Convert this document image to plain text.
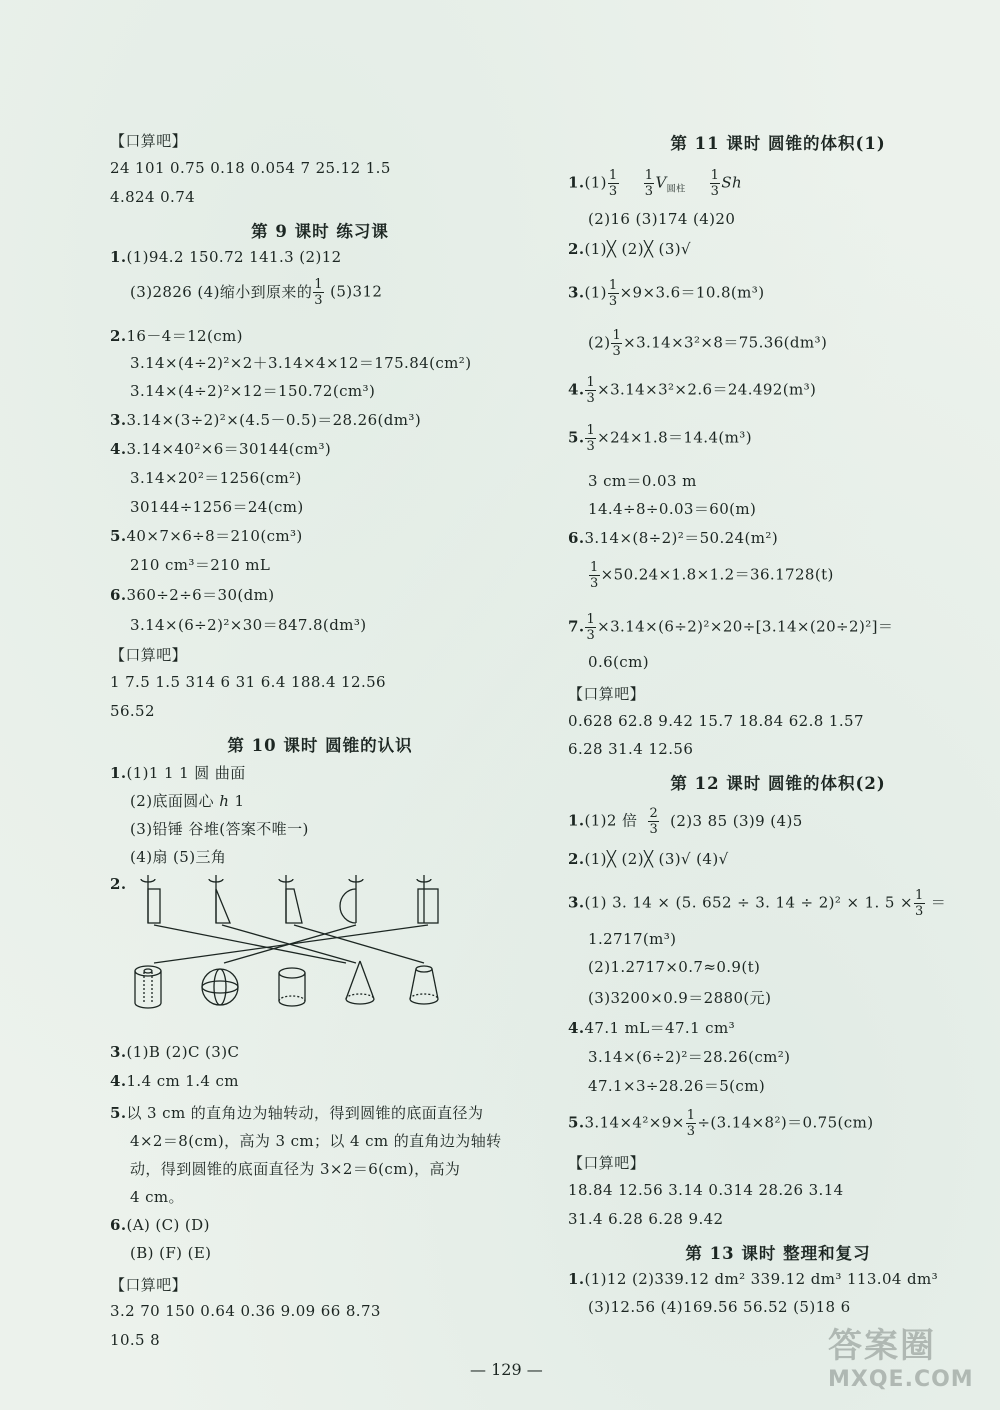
【口算吧】
24 101 0.75 0.18 0.054 7 25.12 1.5
4.824 0.74
第 9 课时 练习课
1.(1)94.2 150.72 141.3 (2)12
(3)2826 (4)缩小到原来的 $\frac{1}{3} (5)312$
2.16－4＝12(cm)
3.14×(4÷2)²×2＋3.14×4×12＝175.84(cm²)
3.14×(4÷2)²×12＝150.72(cm³)
3.3.14×(3÷2)²×(4.5－0.5)＝28.26(dm³)
4.3.14×40²×6＝30144(cm³)
3.14×20²＝1256(cm²)
30144÷1256＝24(cm)
5.40×7×6÷8＝210(cm³)
210 cm³＝210 mL
6.360÷2÷6＝30(dm)
3.14×(6÷2)²×30＝847.8(dm³)
【口算吧】
1 7.5 1.5 314 6 31 6.4 188.4 12.56
56.52
第 10 课时 圆锥的认识
1.(1)1 1 1 圆 曲面
(2)底面圆心 h 1
(3)铅锤 谷堆(答案不唯一)
(4)扇 (5)三角
2.
3.(1)B (2)C (3)C
4.1.4 cm 1.4 cm
5.以 3 cm 的直角边为轴转动，得到圆锥的底面直径为
4×2＝8(cm)，高为 3 cm；以 4 cm 的直角边为轴转
动，得到圆锥的底面直径为 3×2＝6(cm)，高为
4 cm。
6.(A) (C) (D)
(B) (F) (E)
【口算吧】
3.2 70 150 0.64 0.36 9.09 66 8.73
10.5 8
第 11 课时 圆锥的体积(1)
$1.(1) \frac{1}{3}$
$\frac{1}{3} V_{圆柱} \frac{1}{3}$ Sh
(2)16 (3)174 (4)20
2.(1)╳ (2)╳ (3)√
$3.(1) \frac{1}{3} \times 9\times 3.6=10.8(m^3)$
$(2) \frac{1}{3} \times 3.14\times 3^2\times 8=75.36(dm^3)$
4. $\frac{1}{3} \times 3.14\times 3^2\times 2.6=24.492(m^3)$
5. $\frac{1}{3} \times 24\times 1.8=14.4(m^3)$
3 cm＝0.03 m
14.4÷8÷0.03＝60(m)
6.3.14×(8÷2)²＝50.24(m²)
$\frac{1}{3} \times 50.24\times 1.8\times 1.2=36.1728(t)$
7. $\frac{1}{3} \times 3.14\times(6\div 2)^2\times 20\div[3.14\times(20\div 2)^2]=$
0.6(cm)
【口算吧】
0.628 62.8 9.42 15.7 18.84 62.8 1.57
6.28 31.4 12.56
第 12 课时 圆锥的体积(2)
1.(1)2 倍 $\frac{2}{3} (2)3$ 85 (3)9 (4)5
2.(1)╳ (2)╳ (3)√ (4)√
3.(1) 3. 14 × (5. 652 ÷ 3. 14 ÷ 2)² × 1. $5 \times \frac{1}{3}$ ＝
1.2717(m³)
(2)1.2717×0.7≈0.9(t)
(3)3200×0.9＝2880(元)
4.47.1 mL＝47.1 cm³
3.14×(6÷2)²＝28.26(cm²)
47.1×3÷28.26＝5(cm)
$5.3.14\times 4^2\times 9\times \frac{1}{3} \div(3.14\times 8^2)=0.75(cm)$
【口算吧】
18.84 12.56 3.14 0.314 28.26 3.14
31.4 6.28 6.28 9.42
第 13 课时 整理和复习
1.(1)12 (2)339.12 dm² 339.12 dm³ 113.04 dm³
(3)12.56 (4)169.56 56.52 (5)18 6
— 129 —
答案圈
MXQE.COM
